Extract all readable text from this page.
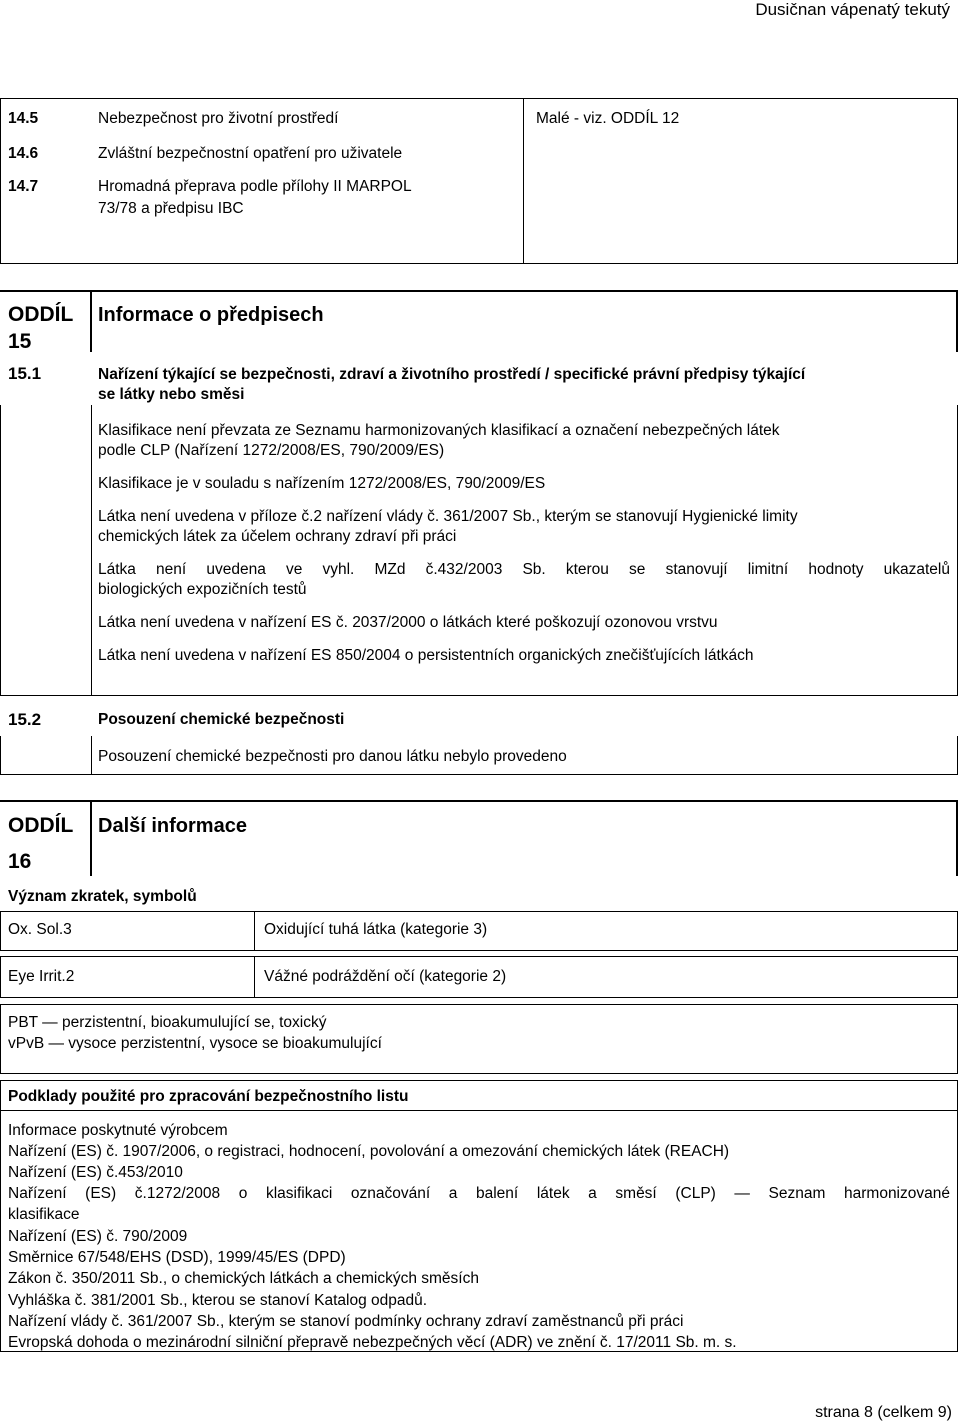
Dusičnan vápenatý tekutý
14.5	Nebezpečnost pro životní prostředí	Malé - viz. ODDÍL 12
14.6	Zvláštní bezpečnostní opatření pro uživatele
14.7	Hromadná přeprava podle přílohy II MARPOL
73/78 a předpisu IBC
ODDÍL
15
Informace o předpisech
15.1	Nařízení týkající se bezpečnosti, zdraví a životního prostředí / specifické právní předpisy týkající
se látky nebo směsi
Klasifikace není převzata ze Seznamu harmonizovaných klasifikací a označení nebezpečných látek
podle CLP (Nařízení 1272/2008/ES, 790/2009/ES)
Klasifikace je v souladu s nařízením 1272/2008/ES, 790/2009/ES
Látka není uvedena v příloze č.2 nařízení vlády č. 361/2007 Sb., kterým se stanovují Hygienické limity
chemických látek za účelem ochrany zdraví při práci
Látka není uvedena ve vyhl. MZd č.432/2003 Sb. kterou se stanovují limitní hodnoty ukazatelů
biologických expozičních testů
Látka není uvedena v nařízení ES č. 2037/2000 o látkách které poškozují ozonovou vrstvu
Látka není uvedena v nařízení ES 850/2004 o persistentních organických znečišťujících látkách
15.2	Posouzení chemické bezpečnosti
Posouzení chemické bezpečnosti pro danou látku nebylo provedeno
ODDÍL
16
Další informace
Význam zkratek, symbolů
Ox. Sol.3	Oxidující tuhá látka (kategorie 3)
Eye Irrit.2	Vážné podráždění očí (kategorie 2)
PBT — perzistentní, bioakumulující se, toxický
vPvB — vysoce perzistentní, vysoce se bioakumulující
Podklady použité pro zpracování bezpečnostního listu
Informace poskytnuté výrobcem
Nařízení (ES) č. 1907/2006, o registraci, hodnocení, povolování a omezování chemických látek (REACH)
Nařízení (ES) č.453/2010
Nařízení (ES) č.1272/2008 o klasifikaci označování a balení látek a směsí (CLP) — Seznam harmonizované
klasifikace
Nařízení (ES) č. 790/2009
Směrnice 67/548/EHS (DSD), 1999/45/ES (DPD)
Zákon č. 350/2011 Sb., o chemických látkách a chemických směsích
Vyhláška č. 381/2001 Sb., kterou se stanoví Katalog odpadů.
Nařízení vlády č. 361/2007 Sb., kterým se stanoví podmínky ochrany zdraví zaměstnanců při práci
Evropská dohoda o mezinárodní silniční přepravě nebezpečných věcí (ADR) ve znění č. 17/2011 Sb. m. s.
strana 8 (celkem 9)
